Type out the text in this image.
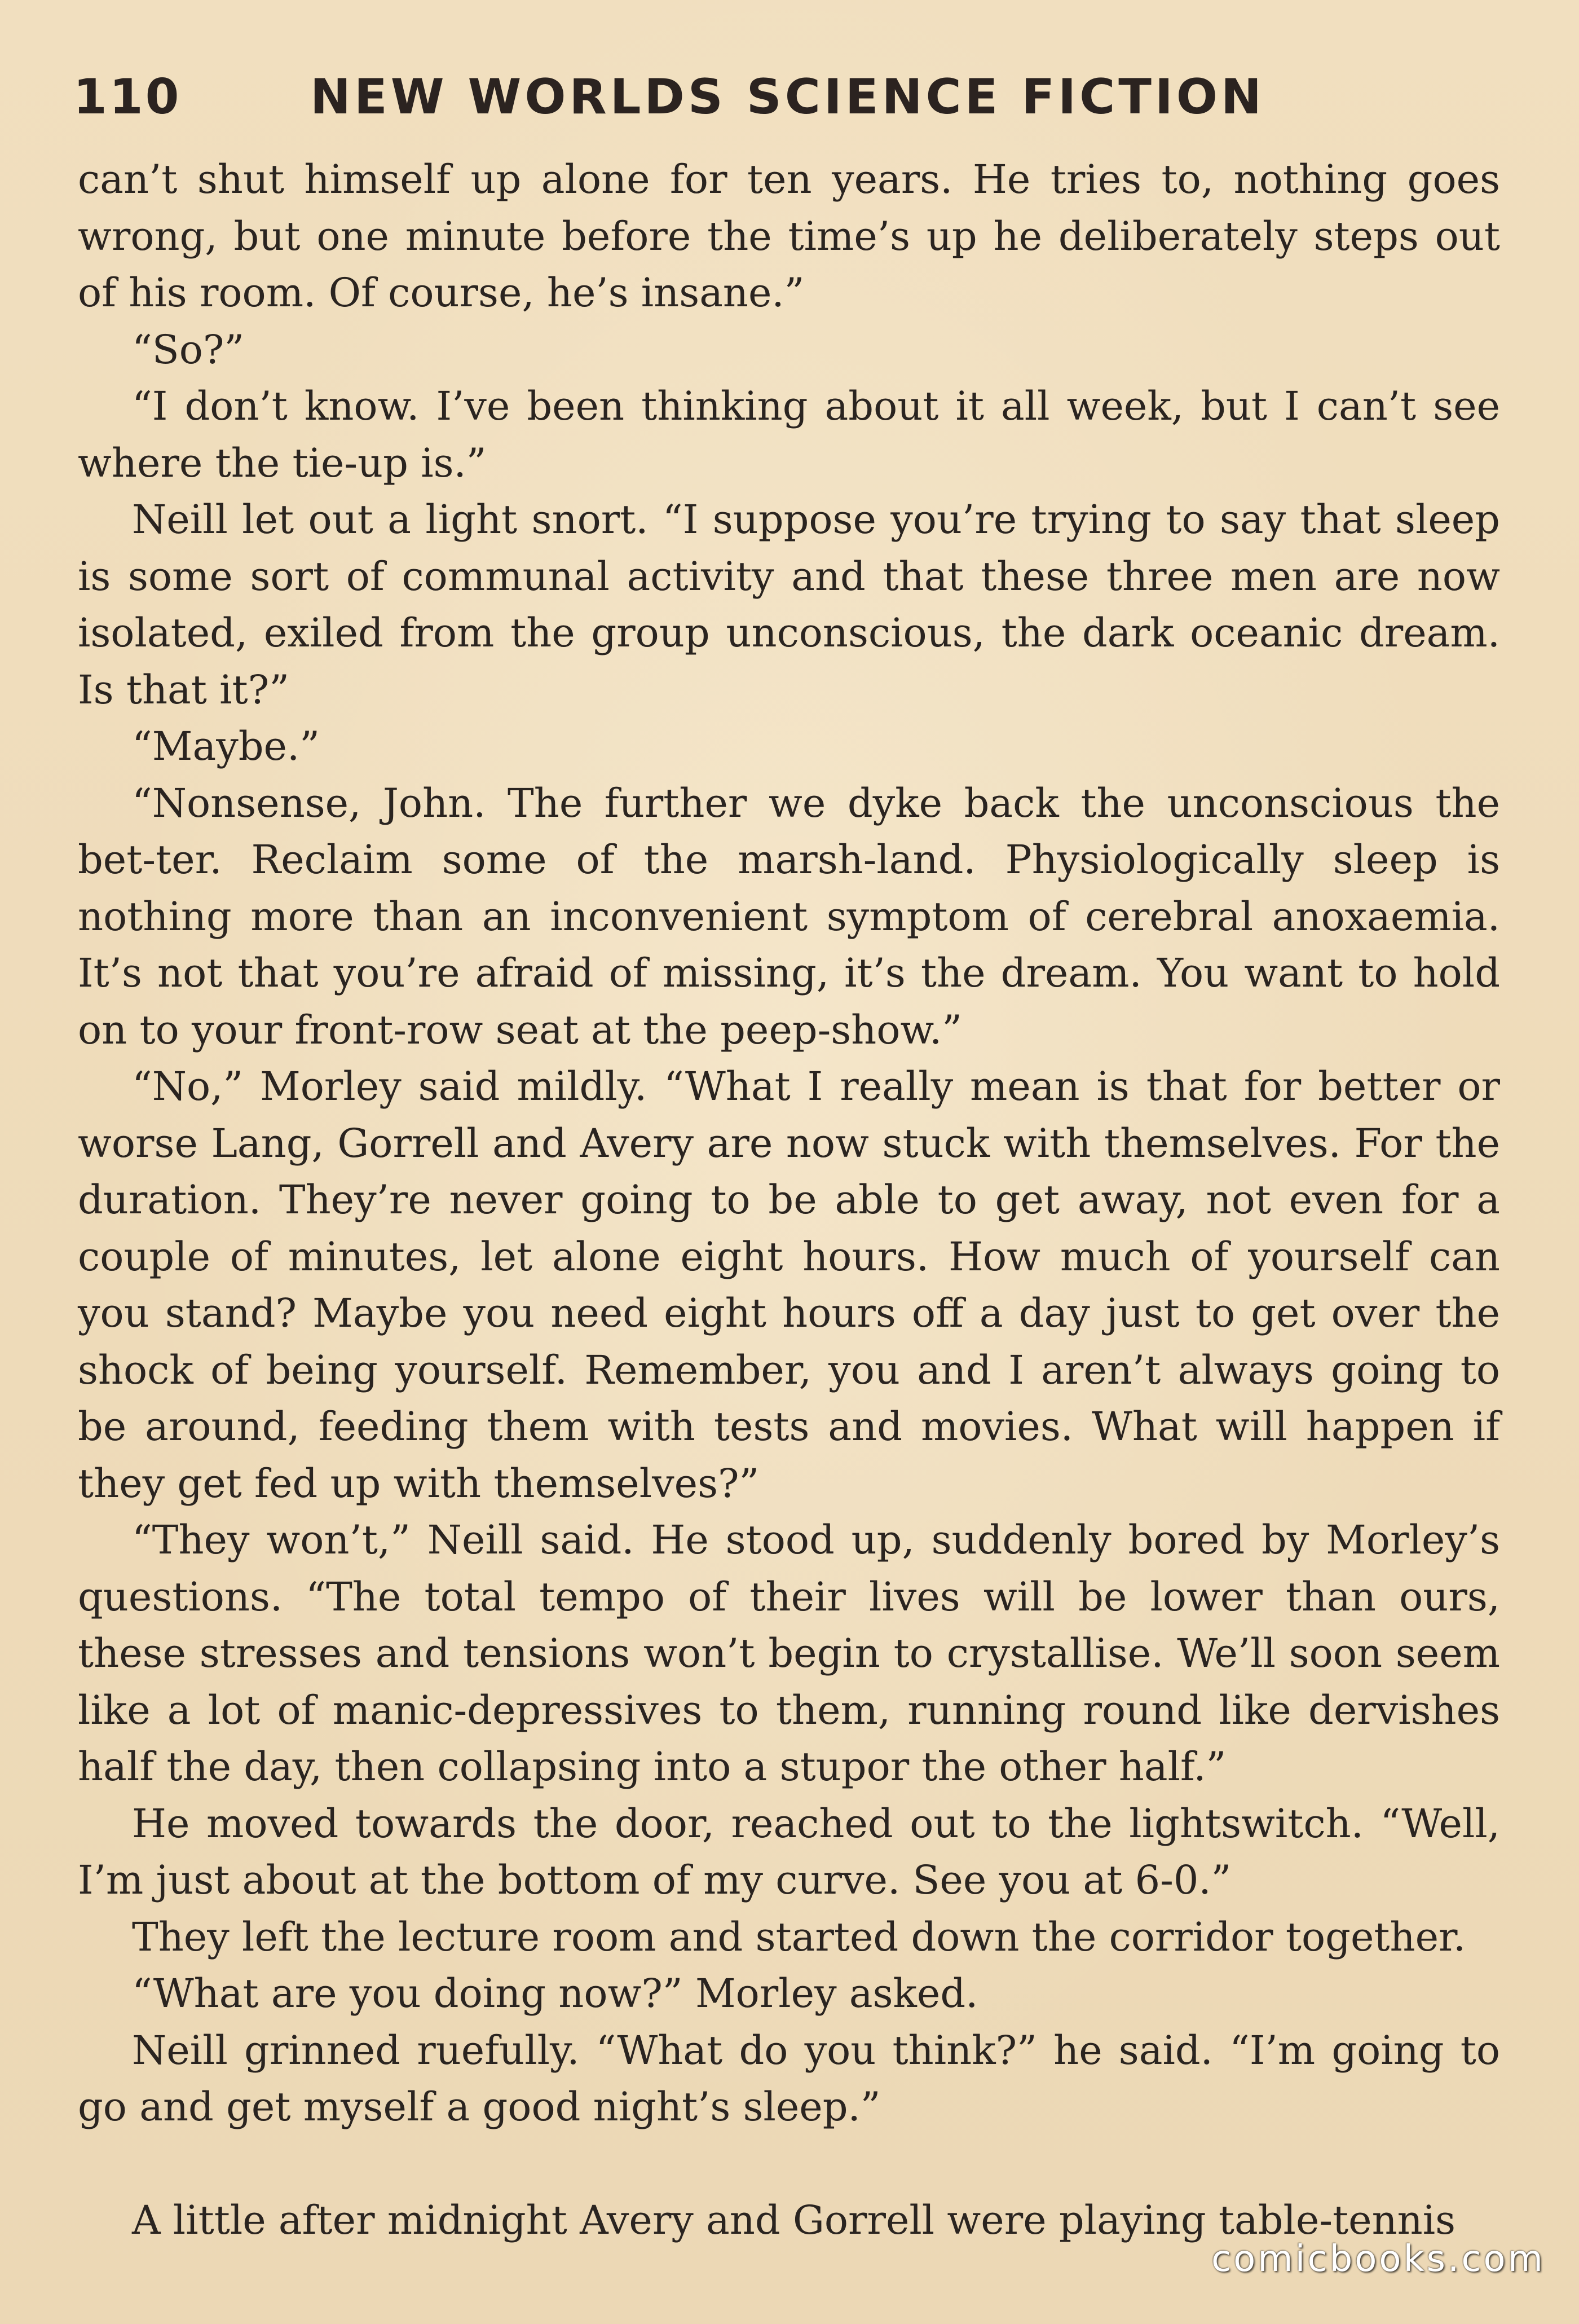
110	NEW WORLDS SCIENCE FICTION

can’t shut himself up alone for ten years. He tries to, nothing goes wrong, but one minute before the time’s up he deliberately steps out of his room. Of course, he’s insane.”

“So?”

“I don’t know. I’ve been thinking about it all week, but I can’t see where the tie-up is.”

Neill let out a light snort. “I suppose you’re trying to say that sleep is some sort of communal activity and that these three men are now isolated, exiled from the group unconscious, the dark oceanic dream. Is that it?”

“Maybe.”

“Nonsense, John. The further we dyke back the unconscious the bet-ter. Reclaim some of the marsh-land. Physiologically sleep is nothing more than an inconvenient symptom of cerebral anoxaemia. It’s not that you’re afraid of missing, it’s the dream. You want to hold on to your front-row seat at the peep-show.”

“No,” Morley said mildly. “What I really mean is that for better or worse Lang, Gorrell and Avery are now stuck with themselves. For the duration. They’re never going to be able to get away, not even for a couple of minutes, let alone eight hours. How much of yourself can you stand? Maybe you need eight hours off a day just to get over the shock of being yourself. Remember, you and I aren’t always going to be around, feeding them with tests and movies. What will happen if they get fed up with themselves?”

“They won’t,” Neill said. He stood up, suddenly bored by Morley’s questions. “The total tempo of their lives will be lower than ours, these stresses and tensions won’t begin to crystallise. We’ll soon seem like a lot of manic-depressives to them, running round like dervishes half the day, then collapsing into a stupor the other half.”

He moved towards the door, reached out to the lightswitch. “Well, I’m just about at the bottom of my curve. See you at 6-0.”

They left the lecture room and started down the corridor together.

“What are you doing now?” Morley asked.

Neill grinned ruefully. “What do you think?” he said. “I’m going to go and get myself a good night’s sleep.”

A little after midnight Avery and Gorrell were playing table-tennis

comicbooks.com
